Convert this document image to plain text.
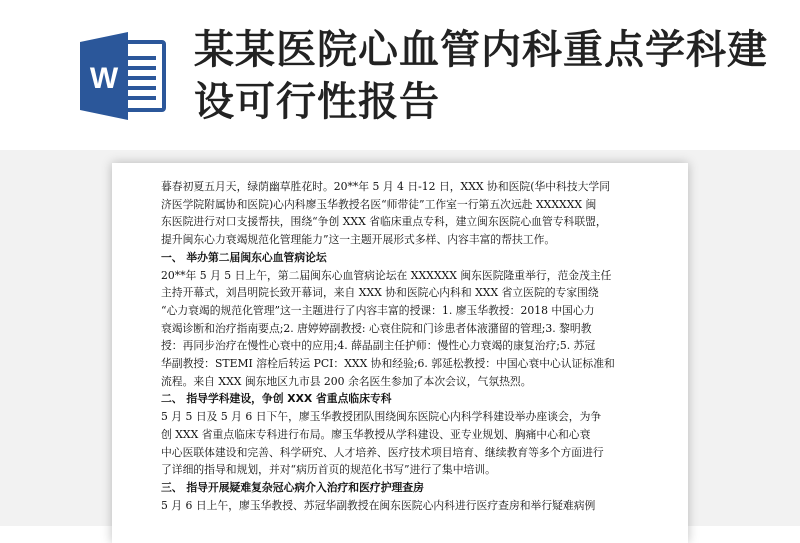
W
某某医院心血管内科重点学科建
设可行性报告

暮春初夏五月天，绿荫幽草胜花时。20**年 5 月 4 日-12 日，XXX 协和医院(华中科技大学同

济医学院附属协和医院)心内科廖玉华教授名医“师带徒”工作室一行第五次远赴 XXXXXX 闽

东医院进行对口支援帮扶，围绕“争创 XXX 省临床重点专科，建立闽东医院心血管专科联盟，

提升闽东心力衰竭规范化管理能力”这一主题开展形式多样、内容丰富的帮扶工作。

一、 举办第二届闽东心血管病论坛

20**年 5 月 5 日上午，第二届闽东心血管病论坛在 XXXXXX 闽东医院隆重举行，范金茂主任

主持开幕式，刘昌明院长致开幕词，来自 XXX 协和医院心内科和 XXX 省立医院的专家围绕

“心力衰竭的规范化管理”这一主题进行了内容丰富的授课：1. 廖玉华教授：2018 中国心力

衰竭诊断和治疗指南要点;2. 唐婷婷副教授: 心衰住院和门诊患者体液潴留的管理;3. 黎明教

授：再同步治疗在慢性心衰中的应用;4. 薛晶副主任护师：慢性心力衰竭的康复治疗;5. 苏冠

华副教授：STEMI 溶栓后转运 PCI：XXX 协和经验;6. 郭延松教授：中国心衰中心认证标准和

流程。来自 XXX 闽东地区九市县 200 余名医生参加了本次会议，气氛热烈。

二、 指导学科建设，争创 XXX 省重点临床专科

5 月 5 日及 5 月 6 日下午，廖玉华教授团队围绕闽东医院心内科学科建设举办座谈会，为争

创 XXX 省重点临床专科进行布局。廖玉华教授从学科建设、亚专业规划、胸痛中心和心衰

中心医联体建设和完善、科学研究、人才培养、医疗技术项目培育、继续教育等多个方面进行

了详细的指导和规划，并对“病历首页的规范化书写”进行了集中培训。

三、 指导开展疑难复杂冠心病介入治疗和医疗护理查房

5 月 6 日上午，廖玉华教授、苏冠华副教授在闽东医院心内科进行医疗查房和举行疑难病例
